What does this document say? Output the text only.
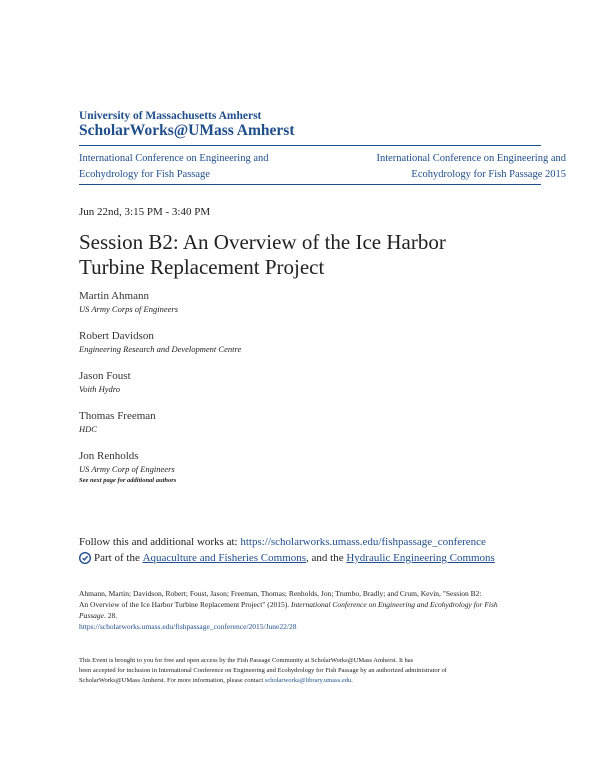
University of Massachusetts Amherst
ScholarWorks@UMass Amherst
International Conference on Engineering and
Ecohydrology for Fish Passage
International Conference on Engineering and
Ecohydrology for Fish Passage 2015
Jun 22nd, 3:15 PM - 3:40 PM
Session B2: An Overview of the Ice Harbor
Turbine Replacement Project
Martin Ahmann
US Army Corps of Engineers
Robert Davidson
Engineering Research and Development Centre
Jason Foust
Voith Hydro
Thomas Freeman
HDC
Jon Renholds
US Army Corp of Engineers
See next page for additional authors
Follow this and additional works at: https://scholarworks.umass.edu/fishpassage_conference
Part of the
Aquaculture and Fisheries Commons , and the
Hydraulic Engineering Commons
Ahmann, Martin; Davidson, Robert; Foust, Jason; Freeman, Thomas; Renholds, Jon; Trumbo, Bradly; and Crum, Kevin, "Session B2:
An Overview of the Ice Harbor Turbine Replacement Project" (2015). International Conference on Engineering and Ecohydrology for Fish
Passage. 28.
https://scholarworks.umass.edu/fishpassage_conference/2015/June22/28
This Event is brought to you for free and open access by the Fish Passage Community at ScholarWorks@UMass Amherst. It has
been accepted for inclusion in International Conference on Engineering and Ecohydrology for Fish Passage by an authorized administrator of
ScholarWorks@UMass Amherst. For more information, please contact scholarworks@library.umass.edu.
